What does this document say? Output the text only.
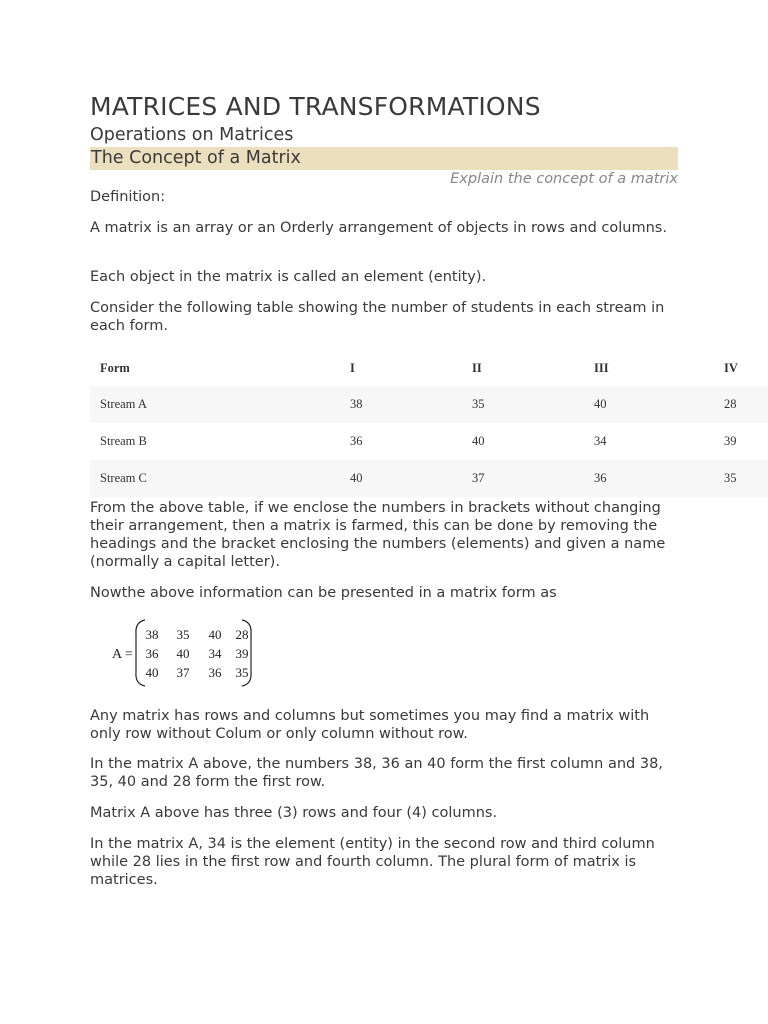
MATRICES AND TRANSFORMATIONS
Operations on Matrices
The Concept of a Matrix
Explain the concept of a matrix

Definition:

A matrix is an array or an Orderly arrangement of objects in rows and columns.

Each object in the matrix is called an element (entity).

Consider the following table showing the number of students in each stream in each form.

Form	I	II	III	IV
Stream A	38	35	40	28
Stream B	36	40	34	39
Stream C	40	37	36	35

From the above table, if we enclose the numbers in brackets without changing their arrangement, then a matrix is farmed, this can be done by removing the headings and the bracket enclosing the numbers (elements) and given a name (normally a capital letter).

Nowthe above information can be presented in a matrix form as

A =
38 35 40 28
36 40 34 39
40 37 36 35

Any matrix has rows and columns but sometimes you may find a matrix with only row without Colum or only column without row.

In the matrix A above, the numbers 38, 36 an 40 form the first column and 38, 35, 40 and 28 form the first row.

Matrix A above has three (3) rows and four (4) columns.

In the matrix A, 34 is the element (entity) in the second row and third column while 28 lies in the first row and fourth column. The plural form of matrix is matrices.
